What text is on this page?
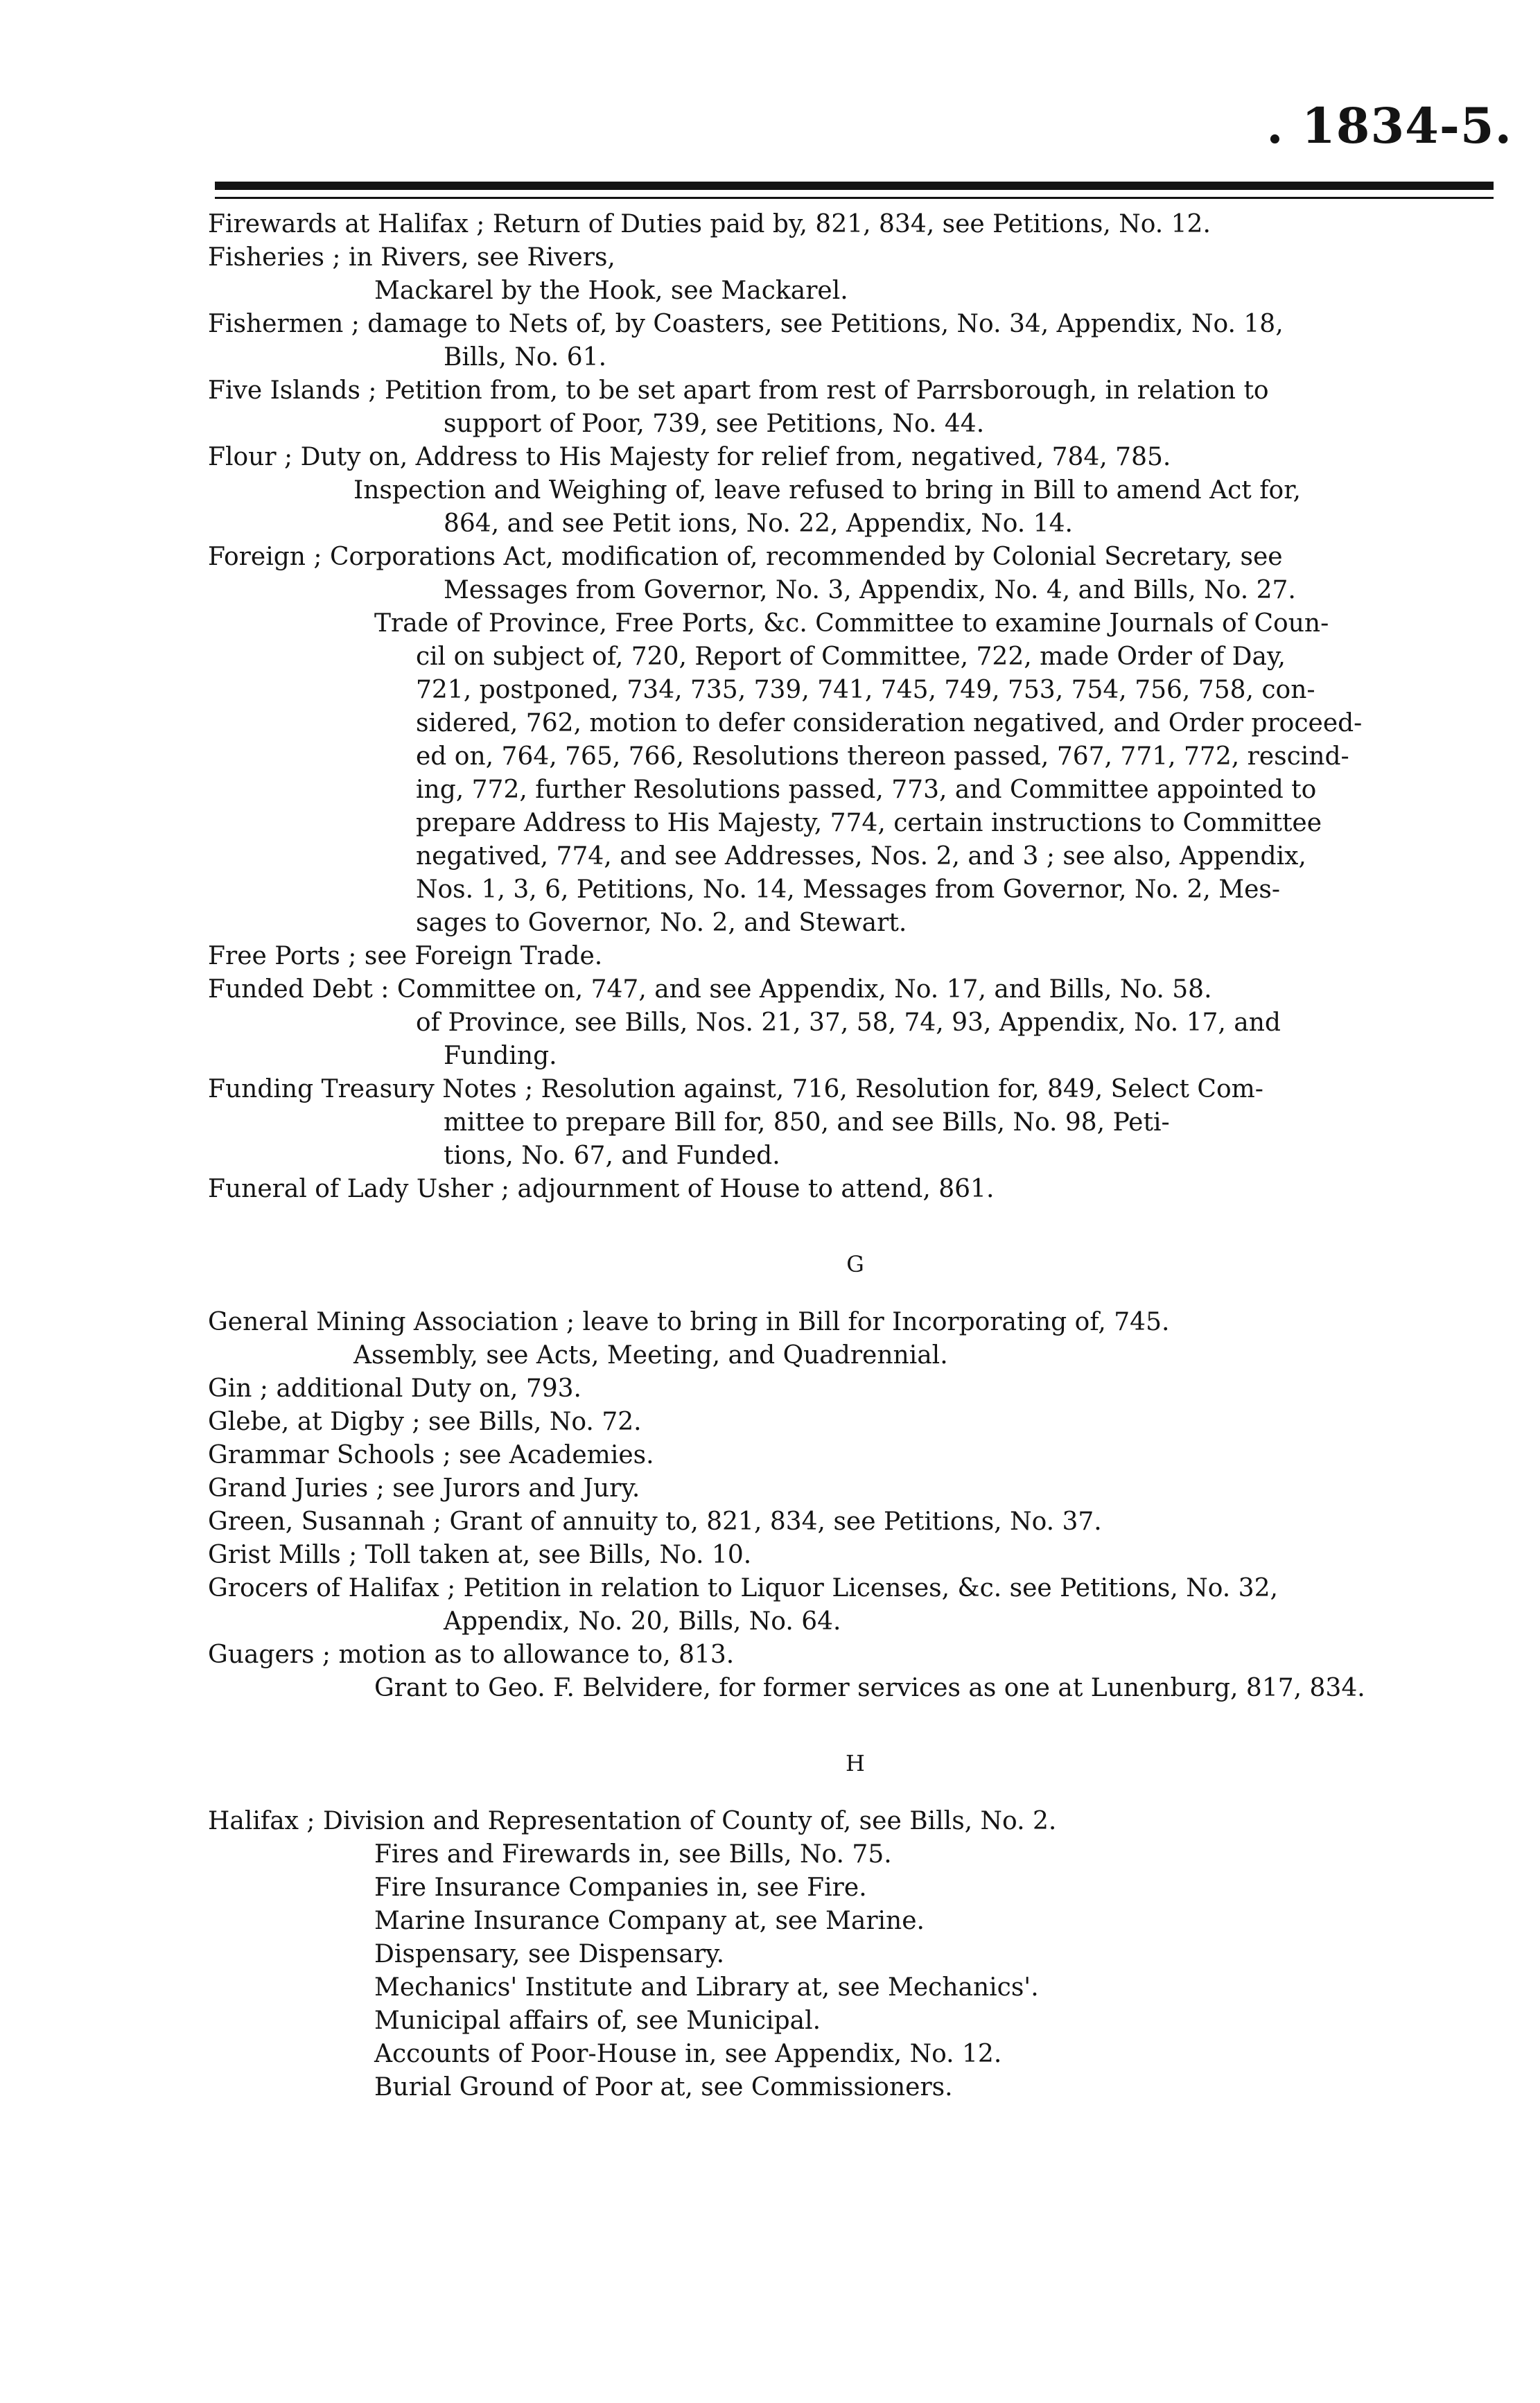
. 1834-5.

Firewards at Halifax ; Return of Duties paid by, 821, 834, see Petitions, No. 12.

Fisheries ; in Rivers, see Rivers,

Mackarel by the Hook, see Mackarel.

Fishermen ; damage to Nets of, by Coasters, see Petitions, No. 34, Appendix, No. 18,

Bills, No. 61.

Five Islands ; Petition from, to be set apart from rest of Parrsborough, in relation to

support of Poor, 739, see Petitions, No. 44.

Flour ; Duty on, Address to His Majesty for relief from, negatived, 784, 785.

Inspection and Weighing of, leave refused to bring in Bill to amend Act for,

864, and see Petit ions, No. 22, Appendix, No. 14.

Foreign ; Corporations Act, modification of, recommended by Colonial Secretary, see

Messages from Governor, No. 3, Appendix, No. 4, and Bills, No. 27.

Trade of Province, Free Ports, &c. Committee to examine Journals of Coun-

cil on subject of, 720, Report of Committee, 722, made Order of Day,

721, postponed, 734, 735, 739, 741, 745, 749, 753, 754, 756, 758, con-

sidered, 762, motion to defer consideration negatived, and Order proceed-

ed on, 764, 765, 766, Resolutions thereon passed, 767, 771, 772, rescind-

ing, 772, further Resolutions passed, 773, and Committee appointed to

prepare Address to His Majesty, 774, certain instructions to Committee

negatived, 774, and see Addresses, Nos. 2, and 3 ; see also, Appendix,

Nos. 1, 3, 6, Petitions, No. 14, Messages from Governor, No. 2, Mes-

sages to Governor, No. 2, and Stewart.

Free Ports ; see Foreign Trade.

Funded Debt : Committee on, 747, and see Appendix, No. 17, and Bills, No. 58.

of Province, see Bills, Nos. 21, 37, 58, 74, 93, Appendix, No. 17, and

Funding.

Funding Treasury Notes ; Resolution against, 716, Resolution for, 849, Select Com-

mittee to prepare Bill for, 850, and see Bills, No. 98, Peti-

tions, No. 67, and Funded.

Funeral of Lady Usher ; adjournment of House to attend, 861.

G

General Mining Association ; leave to bring in Bill for Incorporating of, 745.

Assembly, see Acts, Meeting, and Quadrennial.

Gin ; additional Duty on, 793.

Glebe, at Digby ; see Bills, No. 72.

Grammar Schools ; see Academies.

Grand Juries ; see Jurors and Jury.

Green, Susannah ; Grant of annuity to, 821, 834, see Petitions, No. 37.

Grist Mills ; Toll taken at, see Bills, No. 10.

Grocers of Halifax ; Petition in relation to Liquor Licenses, &c. see Petitions, No. 32,

Appendix, No. 20, Bills, No. 64.

Guagers ; motion as to allowance to, 813.

Grant to Geo. F. Belvidere, for former services as one at Lunenburg, 817, 834.

H

Halifax ; Division and Representation of County of, see Bills, No. 2.

Fires and Firewards in, see Bills, No. 75.

Fire Insurance Companies in, see Fire.

Marine Insurance Company at, see Marine.

Dispensary, see Dispensary.

Mechanics' Institute and Library at, see Mechanics'.

Municipal affairs of, see Municipal.

Accounts of Poor-House in, see Appendix, No. 12.

Burial Ground of Poor at, see Commissioners.
